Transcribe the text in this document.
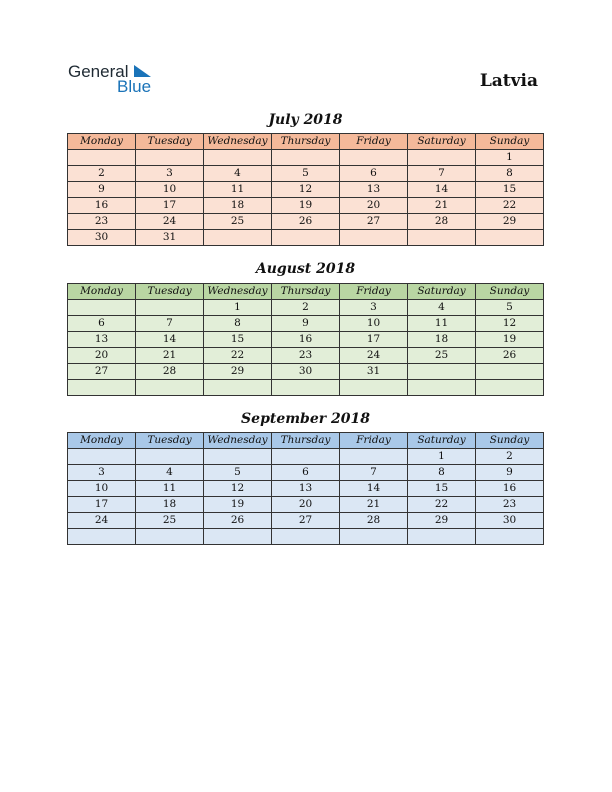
General
Blue	Latvia
July 2018
Monday	Tuesday	Wednesday	Thursday	Friday	Saturday	Sunday
						1
2	3	4	5	6	7	8
9	10	11	12	13	14	15
16	17	18	19	20	21	22
23	24	25	26	27	28	29
30	31					
August 2018
Monday	Tuesday	Wednesday	Thursday	Friday	Saturday	Sunday
		1	2	3	4	5
6	7	8	9	10	11	12
13	14	15	16	17	18	19
20	21	22	23	24	25	26
27	28	29	30	31		

September 2018
Monday	Tuesday	Wednesday	Thursday	Friday	Saturday	Sunday
					1	2
3	4	5	6	7	8	9
10	11	12	13	14	15	16
17	18	19	20	21	22	23
24	25	26	27	28	29	30
